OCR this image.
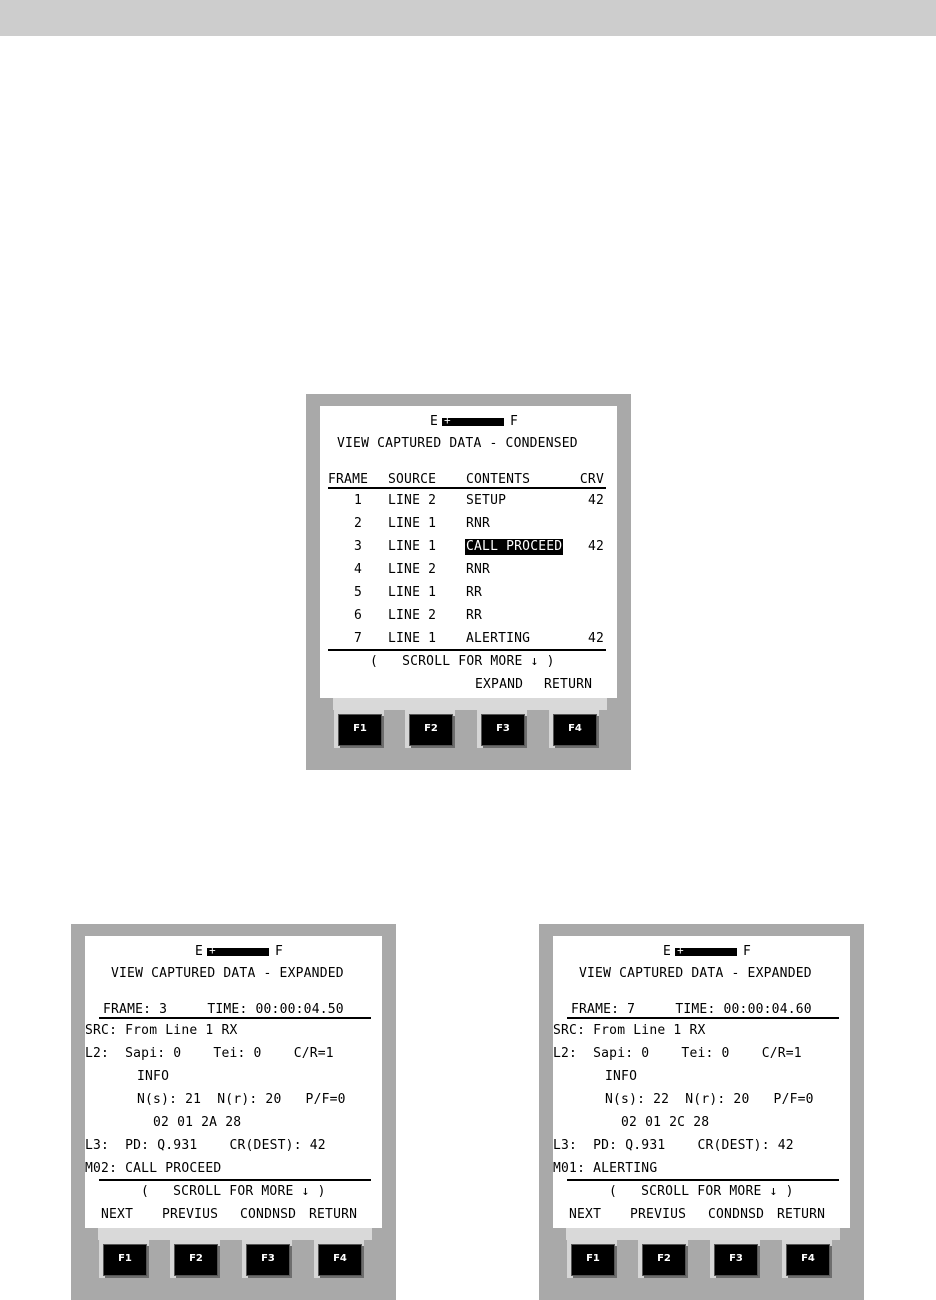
E +	F
VIEW CAPTURED DATA - CONDENSED
FRAME SOURCE CONTENTS	CRV
1 LINE 2 SETUP	42
2 LINE 1 RNR
3 LINE 1 CALL PROCEED	42
4 LINE 2 RNR
5 LINE 1 RR
6 LINE 2 RR
7 LINE 1 ALERTING	42
(   SCROLL FOR MORE ↓ )
EXPAND RETURN
F1	F2	F3	F4
E +	F
VIEW CAPTURED DATA - EXPANDED
FRAME: 3     TIME: 00:00:04.50
SRC: From Line 1 RX
L2:  Sapi: 0    Tei: 0    C/R=1
INFO
N(s): 21  N(r): 20   P/F=0
02 01 2A 28
L3:  PD: Q.931    CR(DEST): 42
M02: CALL PROCEED
(   SCROLL FOR MORE ↓ )
NEXT PREVIUS CONDNSD RETURN
F1	F2	F3	F4
E +	F
VIEW CAPTURED DATA - EXPANDED
FRAME: 7     TIME: 00:00:04.60
SRC: From Line 1 RX
L2:  Sapi: 0    Tei: 0    C/R=1
INFO
N(s): 22  N(r): 20   P/F=0
02 01 2C 28
L3:  PD: Q.931    CR(DEST): 42
M01: ALERTING
(   SCROLL FOR MORE ↓ )
NEXT PREVIUS CONDNSD RETURN
F1	F2	F3	F4
